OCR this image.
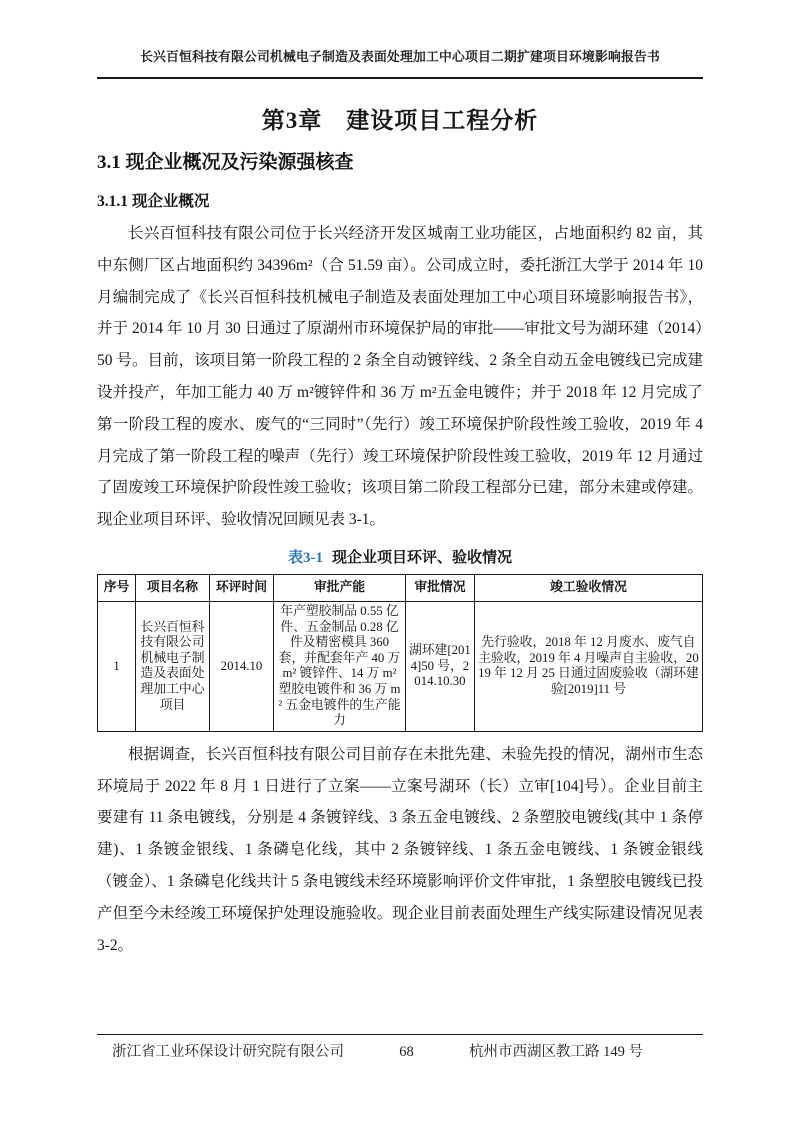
长兴百恒科技有限公司机械电子制造及表面处理加工中心项目二期扩建项目环境影响报告书
第3章　建设项目工程分析
3.1 现企业概况及污染源强核查
3.1.1 现企业概况

长兴百恒科技有限公司位于长兴经济开发区城南工业功能区，占地面积约 82 亩，其中东侧厂区占地面积约 34396m²（合 51.59 亩）。公司成立时，委托浙江大学于 2014 年 10 月编制完成了《长兴百恒科技机械电子制造及表面处理加工中心项目环境影响报告书》，并于 2014 年 10 月 30 日通过了原湖州市环境保护局的审批——审批文号为湖环建（2014）50 号。目前，该项目第一阶段工程的 2 条全自动镀锌线、2 条全自动五金电镀线已完成建设并投产，年加工能力 40 万 m²镀锌件和 36 万 m²五金电镀件；并于 2018 年 12 月完成了第一阶段工程的废水、废气的“三同时”（先行）竣工环境保护阶段性竣工验收，2019 年 4 月完成了第一阶段工程的噪声（先行）竣工环境保护阶段性竣工验收，2019 年 12 月通过了固废竣工环境保护阶段性竣工验收；该项目第二阶段工程部分已建，部分未建或停建。现企业项目环评、验收情况回顾见表 3-1。

表3-1 现企业项目环评、验收情况
序号	项目名称	环评时间	审批产能	审批情况	竣工验收情况
1	长兴百恒科技有限公司机械电子制造及表面处理加工中心项目	2014.10	年产塑胶制品 0.55 亿件、五金制品 0.28 亿件及精密模具 360 套，并配套年产 40 万 m² 镀锌件、14 万 m² 塑胶电镀件和 36 万 m² 五金电镀件的生产能力	湖环建[2014]50 号，2014.10.30	先行验收，2018 年 12 月废水、废气自主验收，2019 年 4 月噪声自主验收，2019 年 12 月 25 日通过固废验收（湖环建验[2019]11 号

根据调查，长兴百恒科技有限公司目前存在未批先建、未验先投的情况，湖州市生态环境局于 2022 年 8 月 1 日进行了立案——立案号湖环（长）立审[104]号）。企业目前主要建有 11 条电镀线，分别是 4 条镀锌线、3 条五金电镀线、2 条塑胶电镀线(其中 1 条停建)、1 条镀金银线、1 条磷皂化线，其中 2 条镀锌线、1 条五金电镀线、1 条镀金银线（镀金）、1 条磷皂化线共计 5 条电镀线未经环境影响评价文件审批，1 条塑胶电镀线已投产但至今未经竣工环境保护处理设施验收。现企业目前表面处理生产线实际建设情况见表 3-2。

浙江省工业环保设计研究院有限公司	68	杭州市西湖区教工路 149 号
